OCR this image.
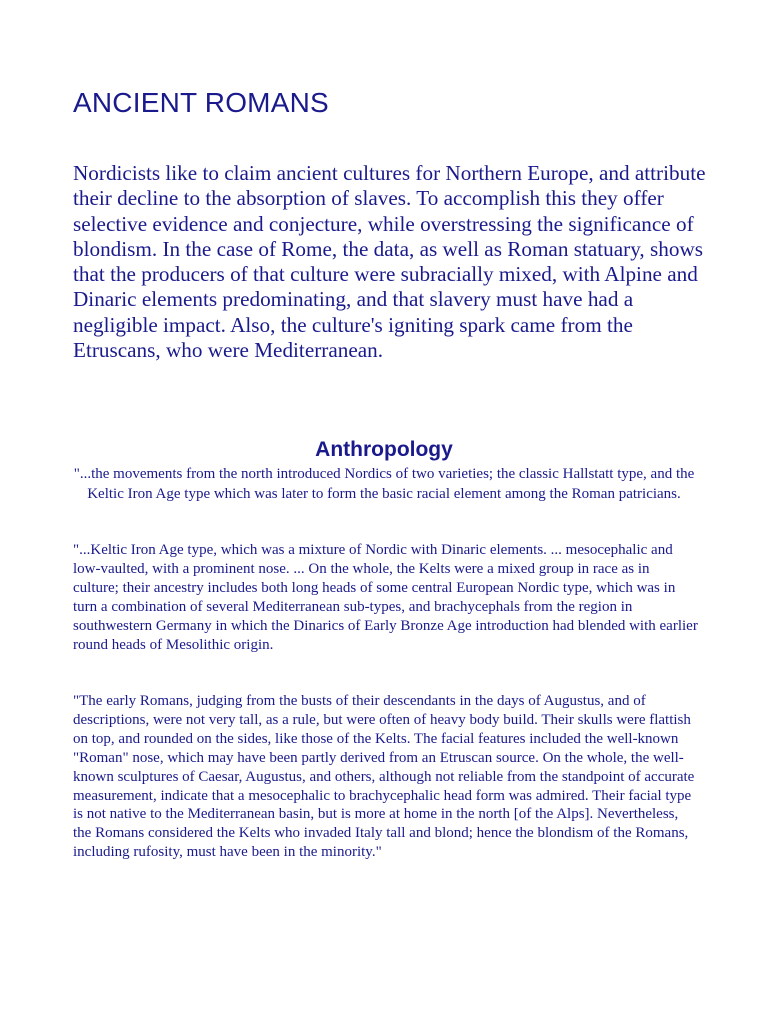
ANCIENT ROMANS

Nordicists like to claim ancient cultures for Northern Europe, and attribute their decline to the absorption of slaves. To accomplish this they offer selective evidence and conjecture, while overstressing the significance of blondism. In the case of Rome, the data, as well as Roman statuary, shows that the producers of that culture were subracially mixed, with Alpine and Dinaric elements predominating, and that slavery must have had a negligible impact. Also, the culture's igniting spark came from the Etruscans, who were Mediterranean.

Anthropology

"...the movements from the north introduced Nordics of two varieties; the classic Hallstatt type, and the Keltic Iron Age type which was later to form the basic racial element among the Roman patricians.

"...Keltic Iron Age type, which was a mixture of Nordic with Dinaric elements. ... mesocephalic and low-vaulted, with a prominent nose. ... On the whole, the Kelts were a mixed group in race as in culture; their ancestry includes both long heads of some central European Nordic type, which was in turn a combination of several Mediterranean sub-types, and brachycephals from the region in southwestern Germany in which the Dinarics of Early Bronze Age introduction had blended with earlier round heads of Mesolithic origin.

"The early Romans, judging from the busts of their descendants in the days of Augustus, and of descriptions, were not very tall, as a rule, but were often of heavy body build. Their skulls were flattish on top, and rounded on the sides, like those of the Kelts. The facial features included the well-known "Roman" nose, which may have been partly derived from an Etruscan source. On the whole, the well-known sculptures of Caesar, Augustus, and others, although not reliable from the standpoint of accurate measurement, indicate that a mesocephalic to brachycephalic head form was admired. Their facial type is not native to the Mediterranean basin, but is more at home in the north [of the Alps]. Nevertheless, the Romans considered the Kelts who invaded Italy tall and blond; hence the blondism of the Romans, including rufosity, must have been in the minority."
